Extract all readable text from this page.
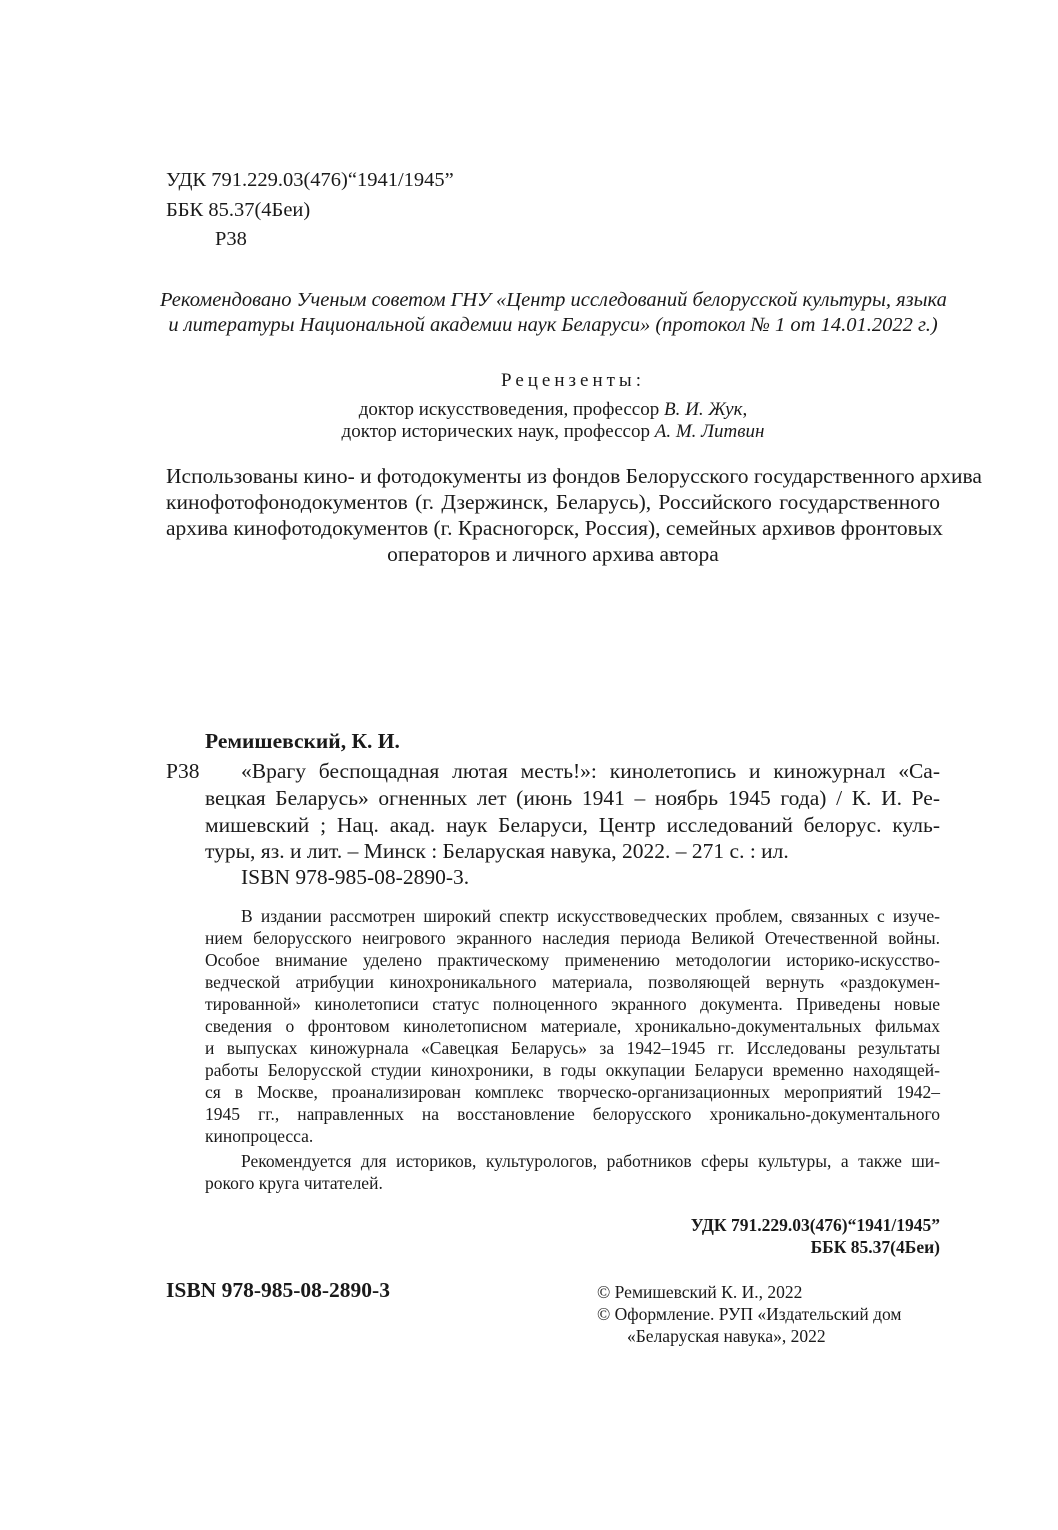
УДК 791.229.03(476)“1941/1945”
ББК 85.37(4Беи)
Р38
Рекомендовано Ученым советом ГНУ «Центр исследований белорусской культуры, языка
и литературы Национальной академии наук Беларуси» (протокол № 1 от 14.01.2022 г.)
Рецензенты:
доктор искусствоведения, профессор В. И. Жук,
доктор исторических наук, профессор А. М. Литвин
Использованы кино- и фотодокументы из фондов Белорусского государственного архива
кинофотофонодокументов (г. Дзержинск, Беларусь), Российского государственного
архива кинофотодокументов (г. Красногорск, Россия), семейных архивов фронтовых
операторов и личного архива автора
Ремишевский, К. И.
Р38 «Врагу беспощадная лютая месть!»: кинолетопись и киножурнал «Са-
вецкая Беларусь» огненных лет (июнь 1941 – ноябрь 1945 года) / К. И. Ре-
мишевский ; Нац. акад. наук Беларуси, Центр исследований белорус. куль-
туры, яз. и лит. – Минск : Беларуская навука, 2022. – 271 с. : ил.
ISBN 978-985-08-2890-3.
В издании рассмотрен широкий спектр искусствоведческих проблем, связанных с изуче-
нием белорусского неигрового экранного наследия периода Великой Отечественной войны.
Особое внимание уделено практическому применению методологии историко-искусство-
ведческой атрибуции кинохроникального материала, позволяющей вернуть «раздокумен-
тированной» кинолетописи статус полноценного экранного документа. Приведены новые
сведения о фронтовом кинолетописном материале, хроникально-документальных фильмах
и выпусках киножурнала «Савецкая Беларусь» за 1942–1945 гг. Исследованы результаты
работы Белорусской студии кинохроники, в годы оккупации Беларуси временно находящей-
ся в Москве, проанализирован комплекс творческо-организационных мероприятий 1942–
1945 гг., направленных на восстановление белорусского хроникально-документального
кинопроцесса.
Рекомендуется для историков, культурологов, работников сферы культуры, а также ши-
рокого круга читателей.
УДК 791.229.03(476)“1941/1945”
ББК 85.37(4Беи)
ISBN 978-985-08-2890-3	© Ремишевский К. И., 2022
© Оформление. РУП «Издательский дом
«Беларуская навука», 2022
